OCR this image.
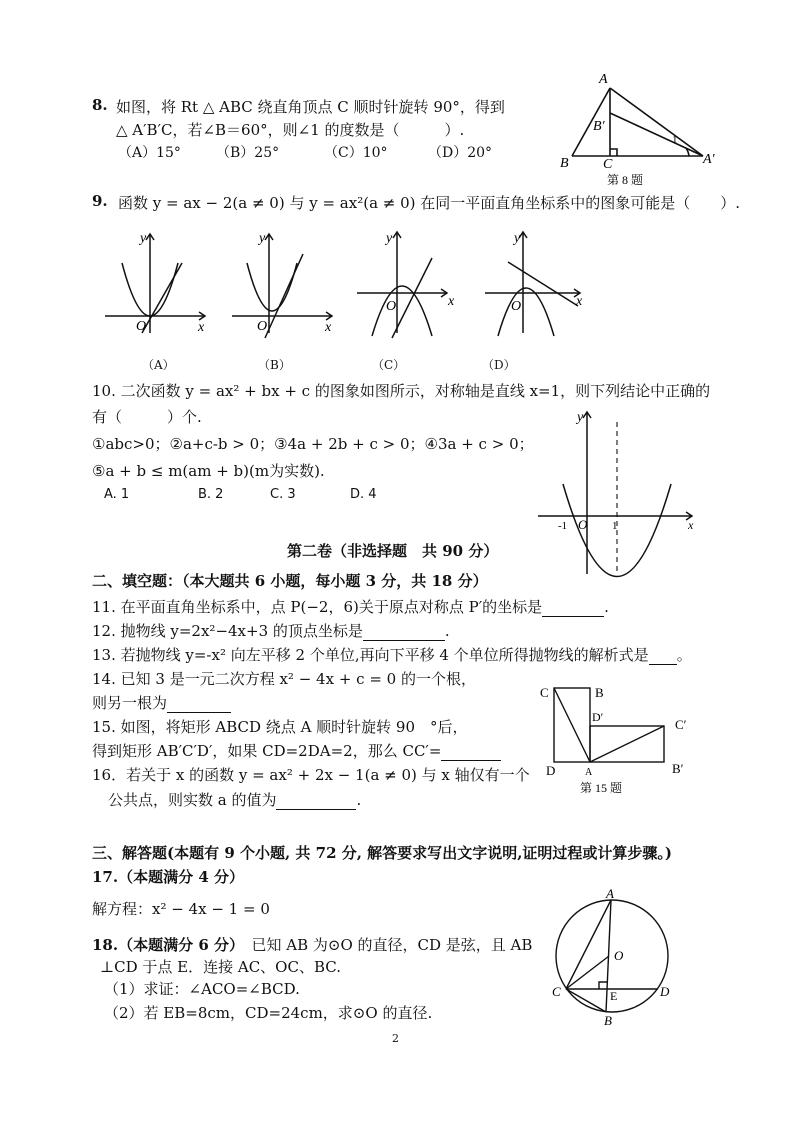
8. 如图，将 Rt △ ABC 绕直角顶点 C 顺时针旋转 90°，得到
△ A′B′C，若∠B＝60°，则∠1 的度数是（　　　）.
（A）15°	（B）25°	（C）10°	（D）20°
A
B
B′
C	A′
1
第 8 题
9. 函数 y = ax − 2(a ≠ 0) 与 y = ax²(a ≠ 0) 在同一平面直角坐标系中的图象可能是（　　）.
y
x
O
（A）
y
x
O
（B）
y
x
O
（C）
y
x
O
（D）
10. 二次函数 y = ax² + bx + c 的图象如图所示，对称轴是直线 x=1，则下列结论中正确的
有（　　　）个.
①abc>0；②a+c-b > 0；③4a + 2b + c > 0；④3a + c > 0；
⑤a + b ≤ m(am + b)(m为实数).
A. 1	B. 2	C. 3	D. 4
y
x
O
-1	1
第二卷（非选择题　共 90 分）
二、填空题：（本大题共 6 小题，每小题 3 分，共 18 分）
11. 在平面直角坐标系中，点 P(−2，6)关于原点对称点 P′的坐标是	.
12. 抛物线 y=2x²−4x+3 的顶点坐标是	.
13. 若抛物线 y=-x² 向左平移 2 个单位,再向下平移 4 个单位所得抛物线的解析式是 。
14. 已知 3 是一元二次方程 x² − 4x + c = 0 的一个根，
则另一根为
15. 如图，将矩形 ABCD 绕点 A 顺时针旋转 90　°后，
得到矩形 AB′C′D′，如果 CD=2DA=2，那么 CC′=
16．若关于 x 的函数 y = ax² + 2x − 1(a ≠ 0) 与 x 轴仅有一个
公共点，则实数 a 的值为	.
C	B
D′	C′
D	A	B′
第 15 题
三、解答题(本题有 9 个小题, 共 72 分, 解答要求写出文字说明,证明过程或计算步骤。)
17.（本题满分 4 分）
解方程：x² − 4x − 1 = 0
18.（本题满分 6 分）  已知 AB 为⊙O 的直径，CD 是弦，且 AB
⊥CD 于点 E．连接 AC、OC、BC.
（1）求证：∠ACO=∠BCD.
（2）若 EB=8cm，CD=24cm，求⊙O 的直径.
A
O
C	E	D
B
2
